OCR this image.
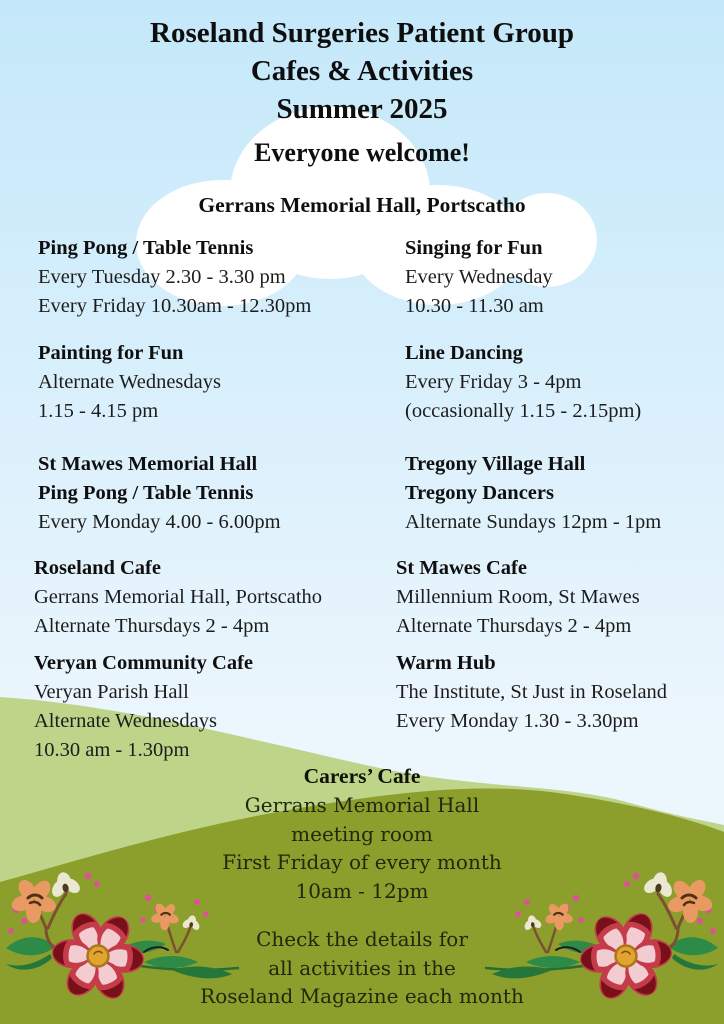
Roseland Surgeries Patient Group
Cafes & Activities
Summer 2025
Everyone welcome!
Gerrans Memorial Hall, Portscatho
Ping Pong / Table Tennis
Every Tuesday 2.30 - 3.30 pm
Every Friday 10.30am - 12.30pm
Singing for Fun
Every Wednesday
10.30 - 11.30 am
Painting for Fun
Alternate Wednesdays
1.15 - 4.15 pm
Line Dancing
Every Friday 3 - 4pm
(occasionally 1.15 - 2.15pm)
St Mawes Memorial Hall
Ping Pong / Table Tennis
Every Monday 4.00 - 6.00pm
Tregony Village Hall
Tregony Dancers
Alternate Sundays 12pm - 1pm
Roseland Cafe
Gerrans Memorial Hall, Portscatho
Alternate Thursdays 2 - 4pm
St Mawes Cafe
Millennium Room, St Mawes
Alternate Thursdays 2 - 4pm
Veryan Community Cafe
Veryan Parish Hall
Alternate Wednesdays
10.30 am - 1.30pm
Warm Hub
The Institute, St Just in Roseland
Every Monday 1.30 - 3.30pm
Carers’ Cafe
Gerrans Memorial Hall
meeting room
First Friday of every month
10am - 12pm
Check the details for
all activities in the
Roseland Magazine each month
